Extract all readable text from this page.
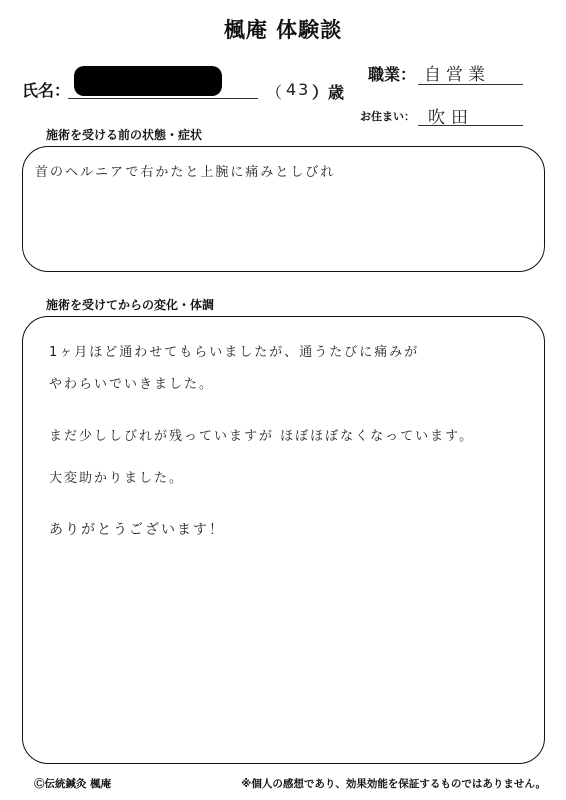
楓庵 体験談
氏名：	（ 43 ）歳
職業： 自営業
お住まい： 吹田
施術を受ける前の状態・症状
首のヘルニアで右かたと上腕に痛みとしびれ
施術を受けてからの変化・体調
1ヶ月ほど通わせてもらいましたが、通うたびに痛みが
やわらいでいきました。
まだ少ししびれが残っていますが ほぼほぼなくなっています。
大変助かりました。
ありがとうございます！
Ⓒ伝統鍼灸 楓庵	※個人の感想であり、効果効能を保証するものではありません。
